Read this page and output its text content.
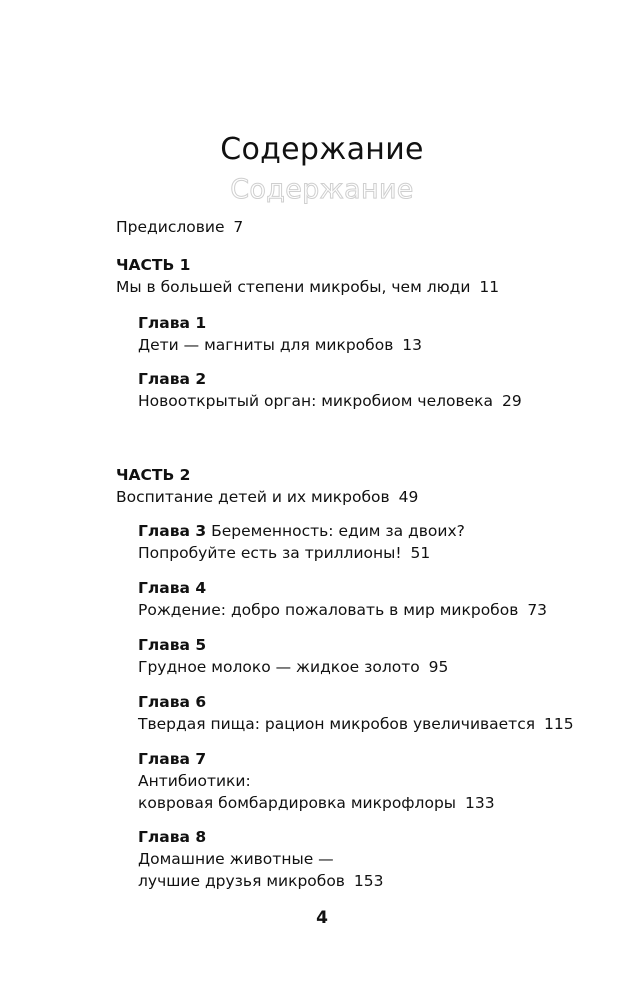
Содержание
Содержание
Предисловие 7
ЧАСТЬ 1
Мы в большей степени микробы, чем люди 11
Глава 1
Дети — магниты для микробов 13
Глава 2
Новооткрытый орган: микробиом человека 29
ЧАСТЬ 2
Воспитание детей и их микробов 49
Глава 3 Беременность: едим за двоих?
Попробуйте есть за триллионы! 51
Глава 4
Рождение: добро пожаловать в мир микробов 73
Глава 5
Грудное молоко — жидкое золото 95
Глава 6
Твердая пища: рацион микробов увеличивается 115
Глава 7
Антибиотики:
ковровая бомбардировка микрофлоры 133
Глава 8
Домашние животные —
лучшие друзья микробов 153
4
